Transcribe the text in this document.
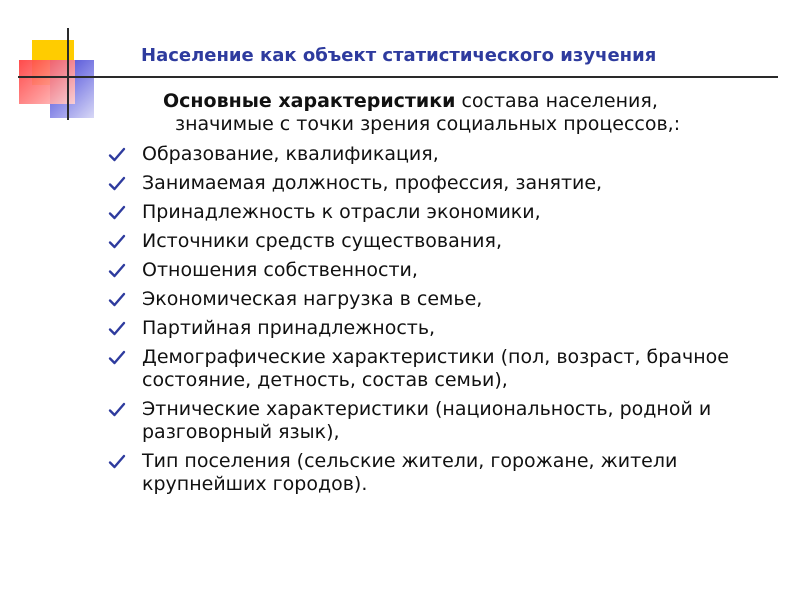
Население как объект статистического изучения

Основные характеристики состава населения,
значимые с точки зрения социальных процессов,:

Образование, квалификация,
Занимаемая должность, профессия, занятие,
Принадлежность к отрасли экономики,
Источники средств существования,
Отношения собственности,
Экономическая нагрузка в семье,
Партийная принадлежность,
Демографические характеристики (пол, возраст, брачное состояние, детность, состав семьи),
Этнические характеристики (национальность, родной и разговорный язык),
Тип поселения (сельские жители, горожане, жители крупнейших городов).
